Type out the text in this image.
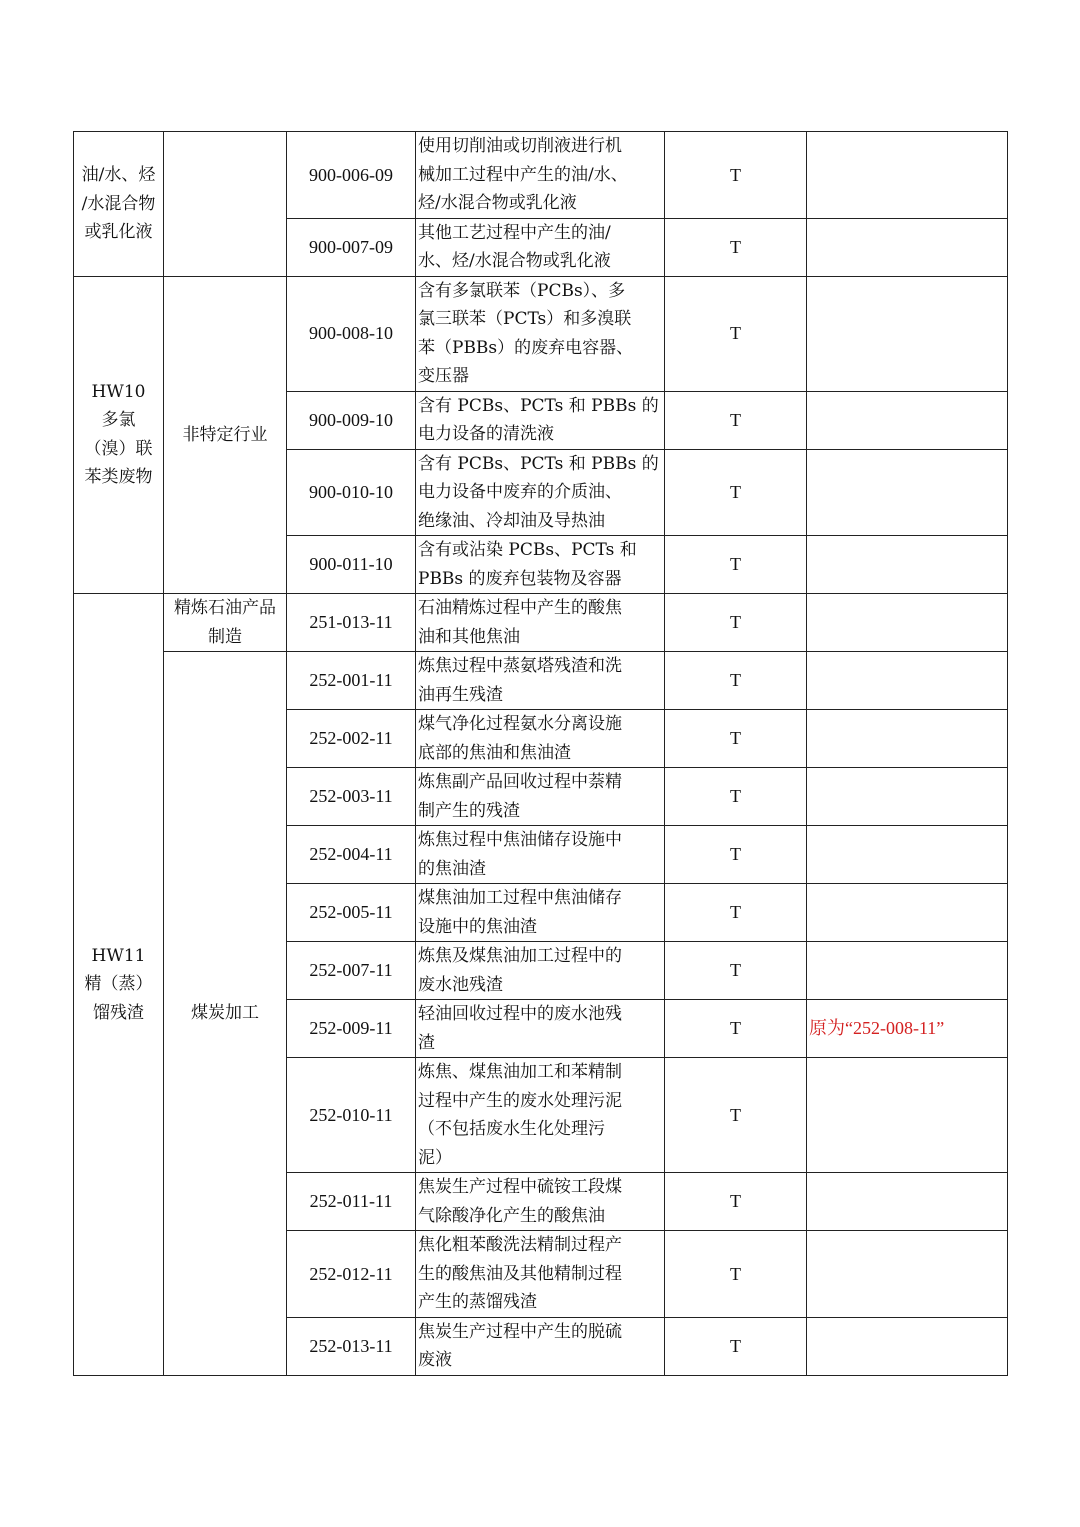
油/水、烃
/水混合物
或乳化液		900-006-09	使用切削油或切削液进行机
械加工过程中产生的油/水、
烃/水混合物或乳化液	T	
		900-007-09	其他工艺过程中产生的油/
水、烃/水混合物或乳化液	T	

HW10
多氯
（溴）联
苯类废物	非特定行业	900-008-10	含有多氯联苯（PCBs）、多
氯三联苯（PCTs）和多溴联
苯（PBBs）的废弃电容器、
变压器	T	
		900-009-10	含有 PCBs、PCTs 和 PBBs 的
电力设备的清洗液	T	
		900-010-10	含有 PCBs、PCTs 和 PBBs 的
电力设备中废弃的介质油、
绝缘油、冷却油及导热油	T	
		900-011-10	含有或沾染 PCBs、PCTs 和
PBBs 的废弃包装物及容器	T	

HW11
精（蒸）
馏残渣	精炼石油产品
制造	251-013-11	石油精炼过程中产生的酸焦
油和其他焦油	T	
	煤炭加工	252-001-11	炼焦过程中蒸氨塔残渣和洗
油再生残渣	T	
		252-002-11	煤气净化过程氨水分离设施
底部的焦油和焦油渣	T	
		252-003-11	炼焦副产品回收过程中萘精
制产生的残渣	T	
		252-004-11	炼焦过程中焦油储存设施中
的焦油渣	T	
		252-005-11	煤焦油加工过程中焦油储存
设施中的焦油渣	T	
		252-007-11	炼焦及煤焦油加工过程中的
废水池残渣	T	
		252-009-11	轻油回收过程中的废水池残
渣	T	原为“252-008-11”
		252-010-11	炼焦、煤焦油加工和苯精制
过程中产生的废水处理污泥
（不包括废水生化处理污
泥）	T	
		252-011-11	焦炭生产过程中硫铵工段煤
气除酸净化产生的酸焦油	T	
		252-012-11	焦化粗苯酸洗法精制过程产
生的酸焦油及其他精制过程
产生的蒸馏残渣	T	
		252-013-11	焦炭生产过程中产生的脱硫
废液	T	
